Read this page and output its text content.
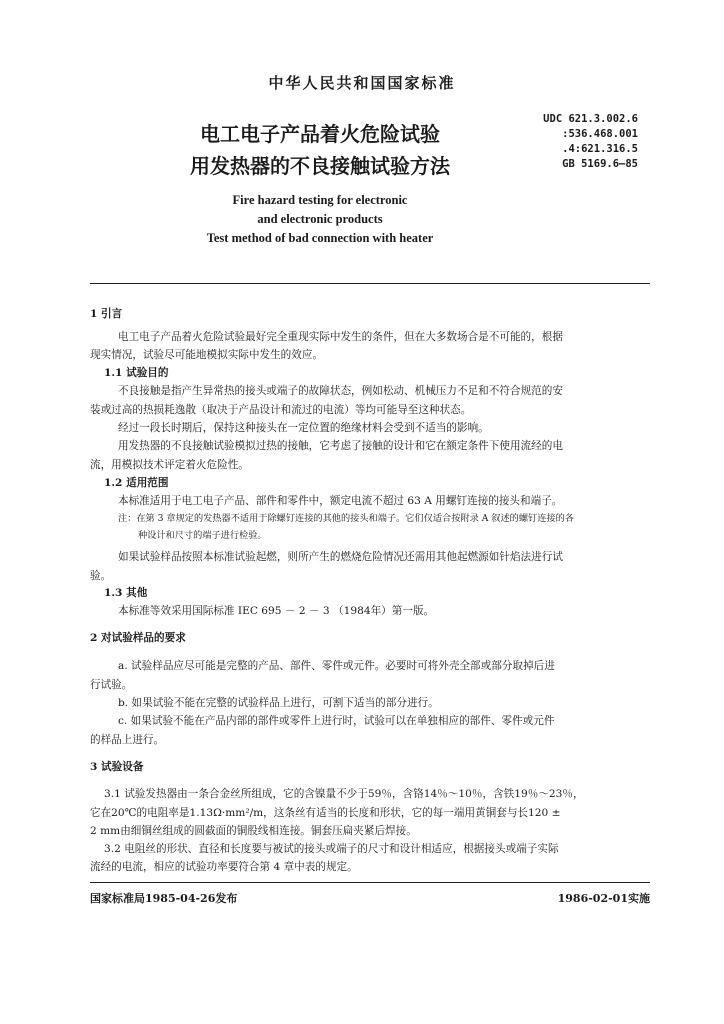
中华人民共和国国家标准
电工电子产品着火危险试验
用发热器的不良接触试验方法
UDC 621.3.002.6
:536.468.001
.4:621.316.5
GB 5169.6—85
Fire hazard testing for electronic
and electronic products
Test method of bad connection with heater
1 引言
电工电子产品着火危险试验最好完全重现实际中发生的条件，但在大多数场合是不可能的，根据
现实情况，试验尽可能地模拟实际中发生的效应。
1.1 试验目的
不良接触是指产生异常热的接头或端子的故障状态，例如松动、机械压力不足和不符合规范的安
装或过高的热损耗逸散（取决于产品设计和流过的电流）等均可能导至这种状态。
经过一段长时期后，保持这种接头在一定位置的绝缘材料会受到不适当的影响。
用发热器的不良接触试验模拟过热的接触，它考虑了接触的设计和它在额定条件下使用流经的电
流，用模拟技术评定着火危险性。
1.2 适用范围
本标准适用于电工电子产品、部件和零件中，额定电流不超过 63 A 用螺钉连接的接头和端子。
注：在第 3 章规定的发热器不适用于除螺钉连接的其他的接头和端子。它们仅适合按附录 A 叙述的螺钉连接的各
种设计和尺寸的端子进行检验。
如果试验样品按照本标准试验起燃，则所产生的燃烧危险情况还需用其他起燃源如针焰法进行试
验。
1.3 其他
本标准等效采用国际标准 IEC 695 － 2 － 3 （1984年）第一版。
2 对试验样品的要求
a. 试验样品应尽可能是完整的产品、部件、零件或元件。必要时可将外壳全部或部分取掉后进
行试验。
b. 如果试验不能在完整的试验样品上进行，可割下适当的部分进行。
c. 如果试验不能在产品内部的部件或零件上进行时，试验可以在单独相应的部件、零件或元件
的样品上进行。
3 试验设备
3.1 试验发热器由一条合金丝所组成，它的含镍量不少于59％，含铬14％～10％，含铁19％～23％，
它在20℃的电阻率是1.13Ω·mm²/m，这条丝有适当的长度和形状，它的每一端用黄铜套与长120 ±
2 mm由细铜丝组成的圆截面的铜股线相连接。铜套压扁夹紧后焊接。
3.2 电阻丝的形状、直径和长度要与被试的接头或端子的尺寸和设计相适应，根据接头或端子实际
流经的电流，相应的试验功率要符合第 4 章中表的规定。
国家标准局1985-04-26发布	1986-02-01实施
